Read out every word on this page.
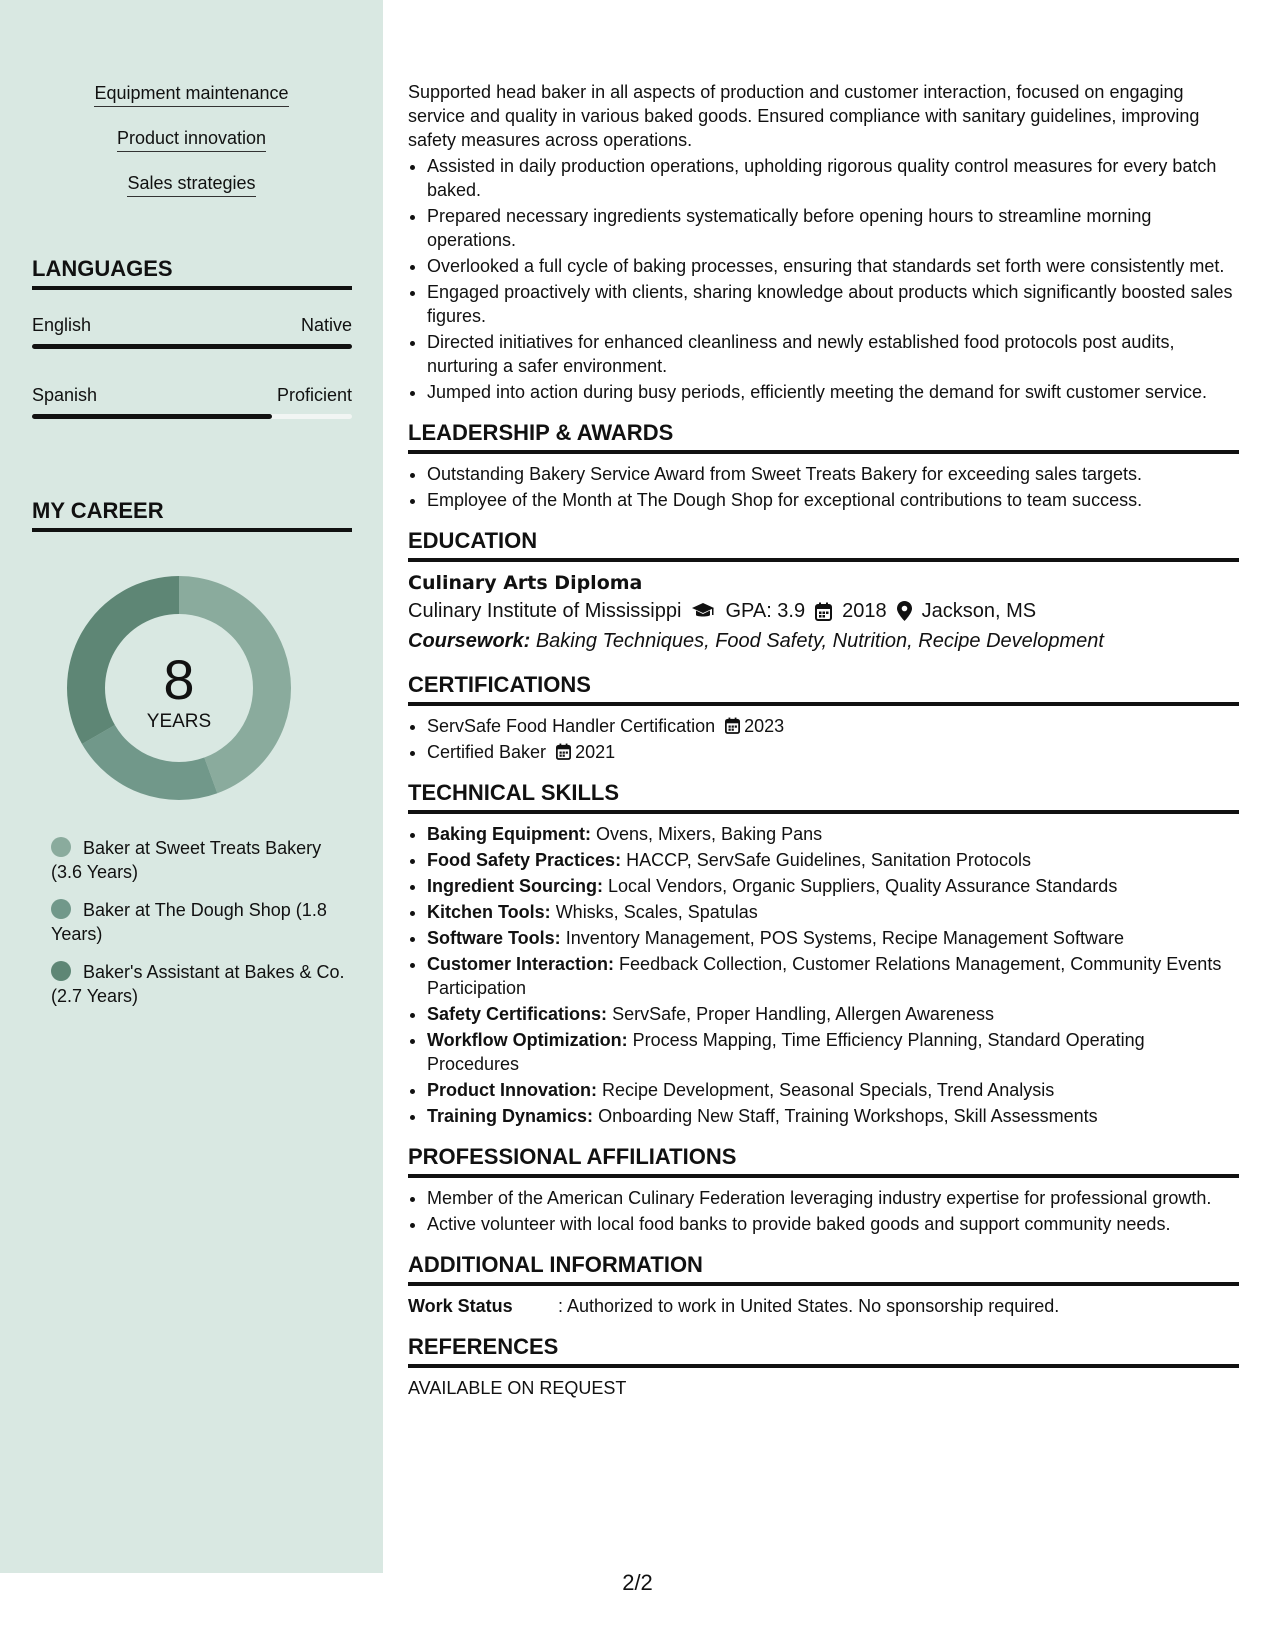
Equipment maintenance
Product innovation
Sales strategies
LANGUAGES
English	Native
Spanish	Proficient
MY CAREER
8
YEARS
Baker at Sweet Treats Bakery (3.6 Years)
Baker at The Dough Shop (1.8 Years)
Baker's Assistant at Bakes & Co. (2.7 Years)

Supported head baker in all aspects of production and customer interaction, focused on engaging service and quality in various baked goods. Ensured compliance with sanitary guidelines, improving safety measures across operations.

• Assisted in daily production operations, upholding rigorous quality control measures for every batch baked.
• Prepared necessary ingredients systematically before opening hours to streamline morning operations.
• Overlooked a full cycle of baking processes, ensuring that standards set forth were consistently met.
• Engaged proactively with clients, sharing knowledge about products which significantly boosted sales figures.
• Directed initiatives for enhanced cleanliness and newly established food protocols post audits, nurturing a safer environment.
• Jumped into action during busy periods, efficiently meeting the demand for swift customer service.
LEADERSHIP & AWARDS
• Outstanding Bakery Service Award from Sweet Treats Bakery for exceeding sales targets.
• Employee of the Month at The Dough Shop for exceptional contributions to team success.
EDUCATION
Culinary Arts Diploma
Culinary Institute of Mississippi GPA: 3.9 2018 Jackson, MS
Coursework: Baking Techniques, Food Safety, Nutrition, Recipe Development
CERTIFICATIONS
• ServSafe Food Handler Certification 2023
• Certified Baker 2021
TECHNICAL SKILLS
• Baking Equipment: Ovens, Mixers, Baking Pans
• Food Safety Practices: HACCP, ServSafe Guidelines, Sanitation Protocols
• Ingredient Sourcing: Local Vendors, Organic Suppliers, Quality Assurance Standards
• Kitchen Tools: Whisks, Scales, Spatulas
• Software Tools: Inventory Management, POS Systems, Recipe Management Software
• Customer Interaction: Feedback Collection, Customer Relations Management, Community Events Participation
• Safety Certifications: ServSafe, Proper Handling, Allergen Awareness
• Workflow Optimization: Process Mapping, Time Efficiency Planning, Standard Operating Procedures
• Product Innovation: Recipe Development, Seasonal Specials, Trend Analysis
• Training Dynamics: Onboarding New Staff, Training Workshops, Skill Assessments
PROFESSIONAL AFFILIATIONS
• Member of the American Culinary Federation leveraging industry expertise for professional growth.
• Active volunteer with local food banks to provide baked goods and support community needs.
ADDITIONAL INFORMATION
Work Status	: Authorized to work in United States. No sponsorship required.
REFERENCES
AVAILABLE ON REQUEST
2/2
